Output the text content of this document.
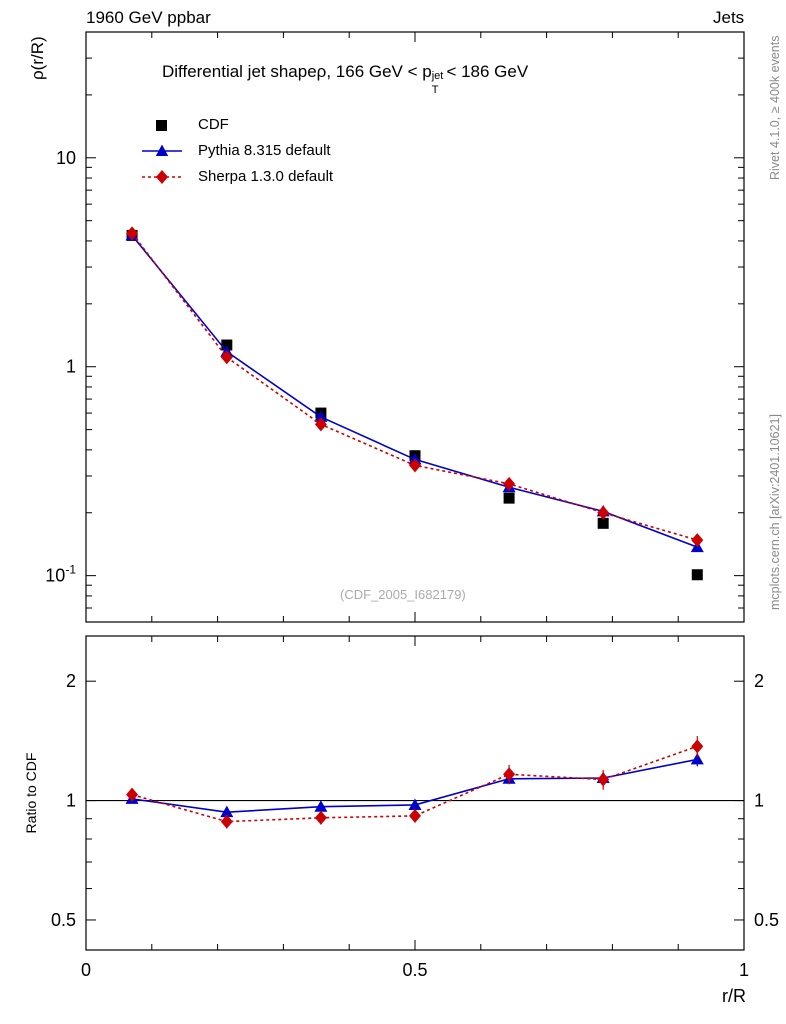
1960 GeV ppbar	Jets
Rivet 4.1.0, ≥ 400k events
mcplots.cern.ch [arXiv:2401.10621]
ρ(r/R)	Differential jet shapeρ, 166 GeV < p
T
jet
< 186 GeV
(CDF_2005_I682179)
CDF
Pythia 8.315 default
Sherpa 1.3.0 default
10
1
$10^{-1}$
2	2
1	1
0.5	0.5
0	0.5	1
r/R
Ratio to CDF
